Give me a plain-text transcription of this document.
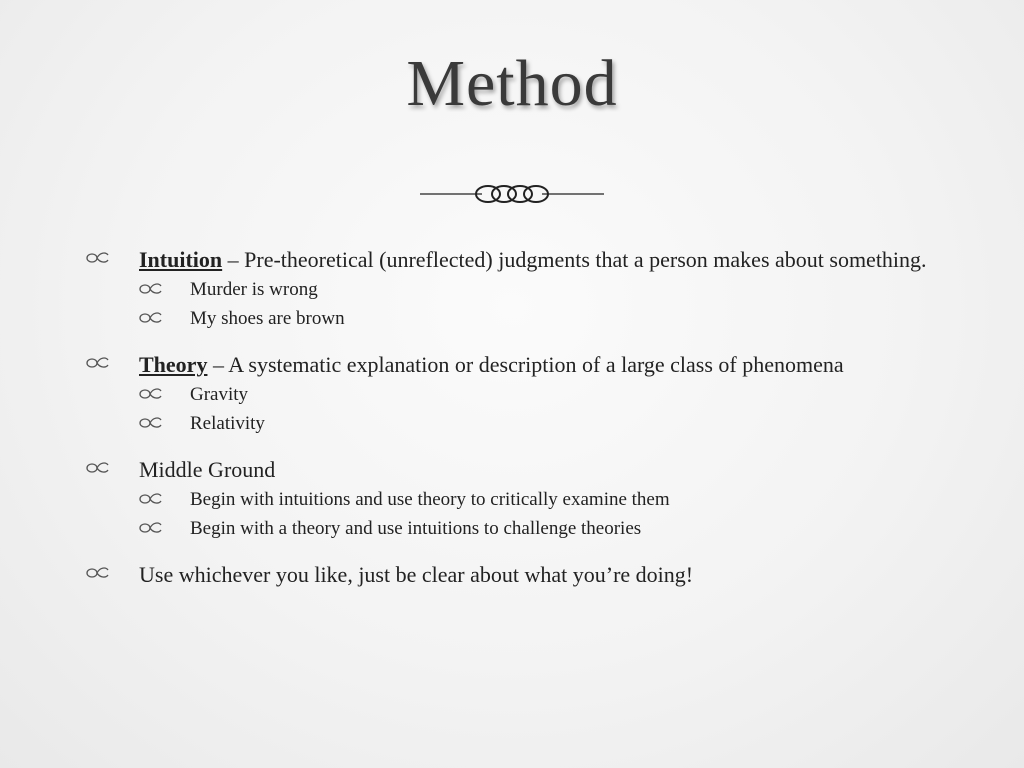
Method
Intuition – Pre-theoretical (unreflected) judgments that a person makes about something.
Murder is wrong
My shoes are brown
Theory – A systematic explanation or description of a large class of phenomena
Gravity
Relativity
Middle Ground
Begin with intuitions and use theory to critically examine them
Begin with a theory and use intuitions to challenge theories
Use whichever you like, just be clear about what you’re doing!
